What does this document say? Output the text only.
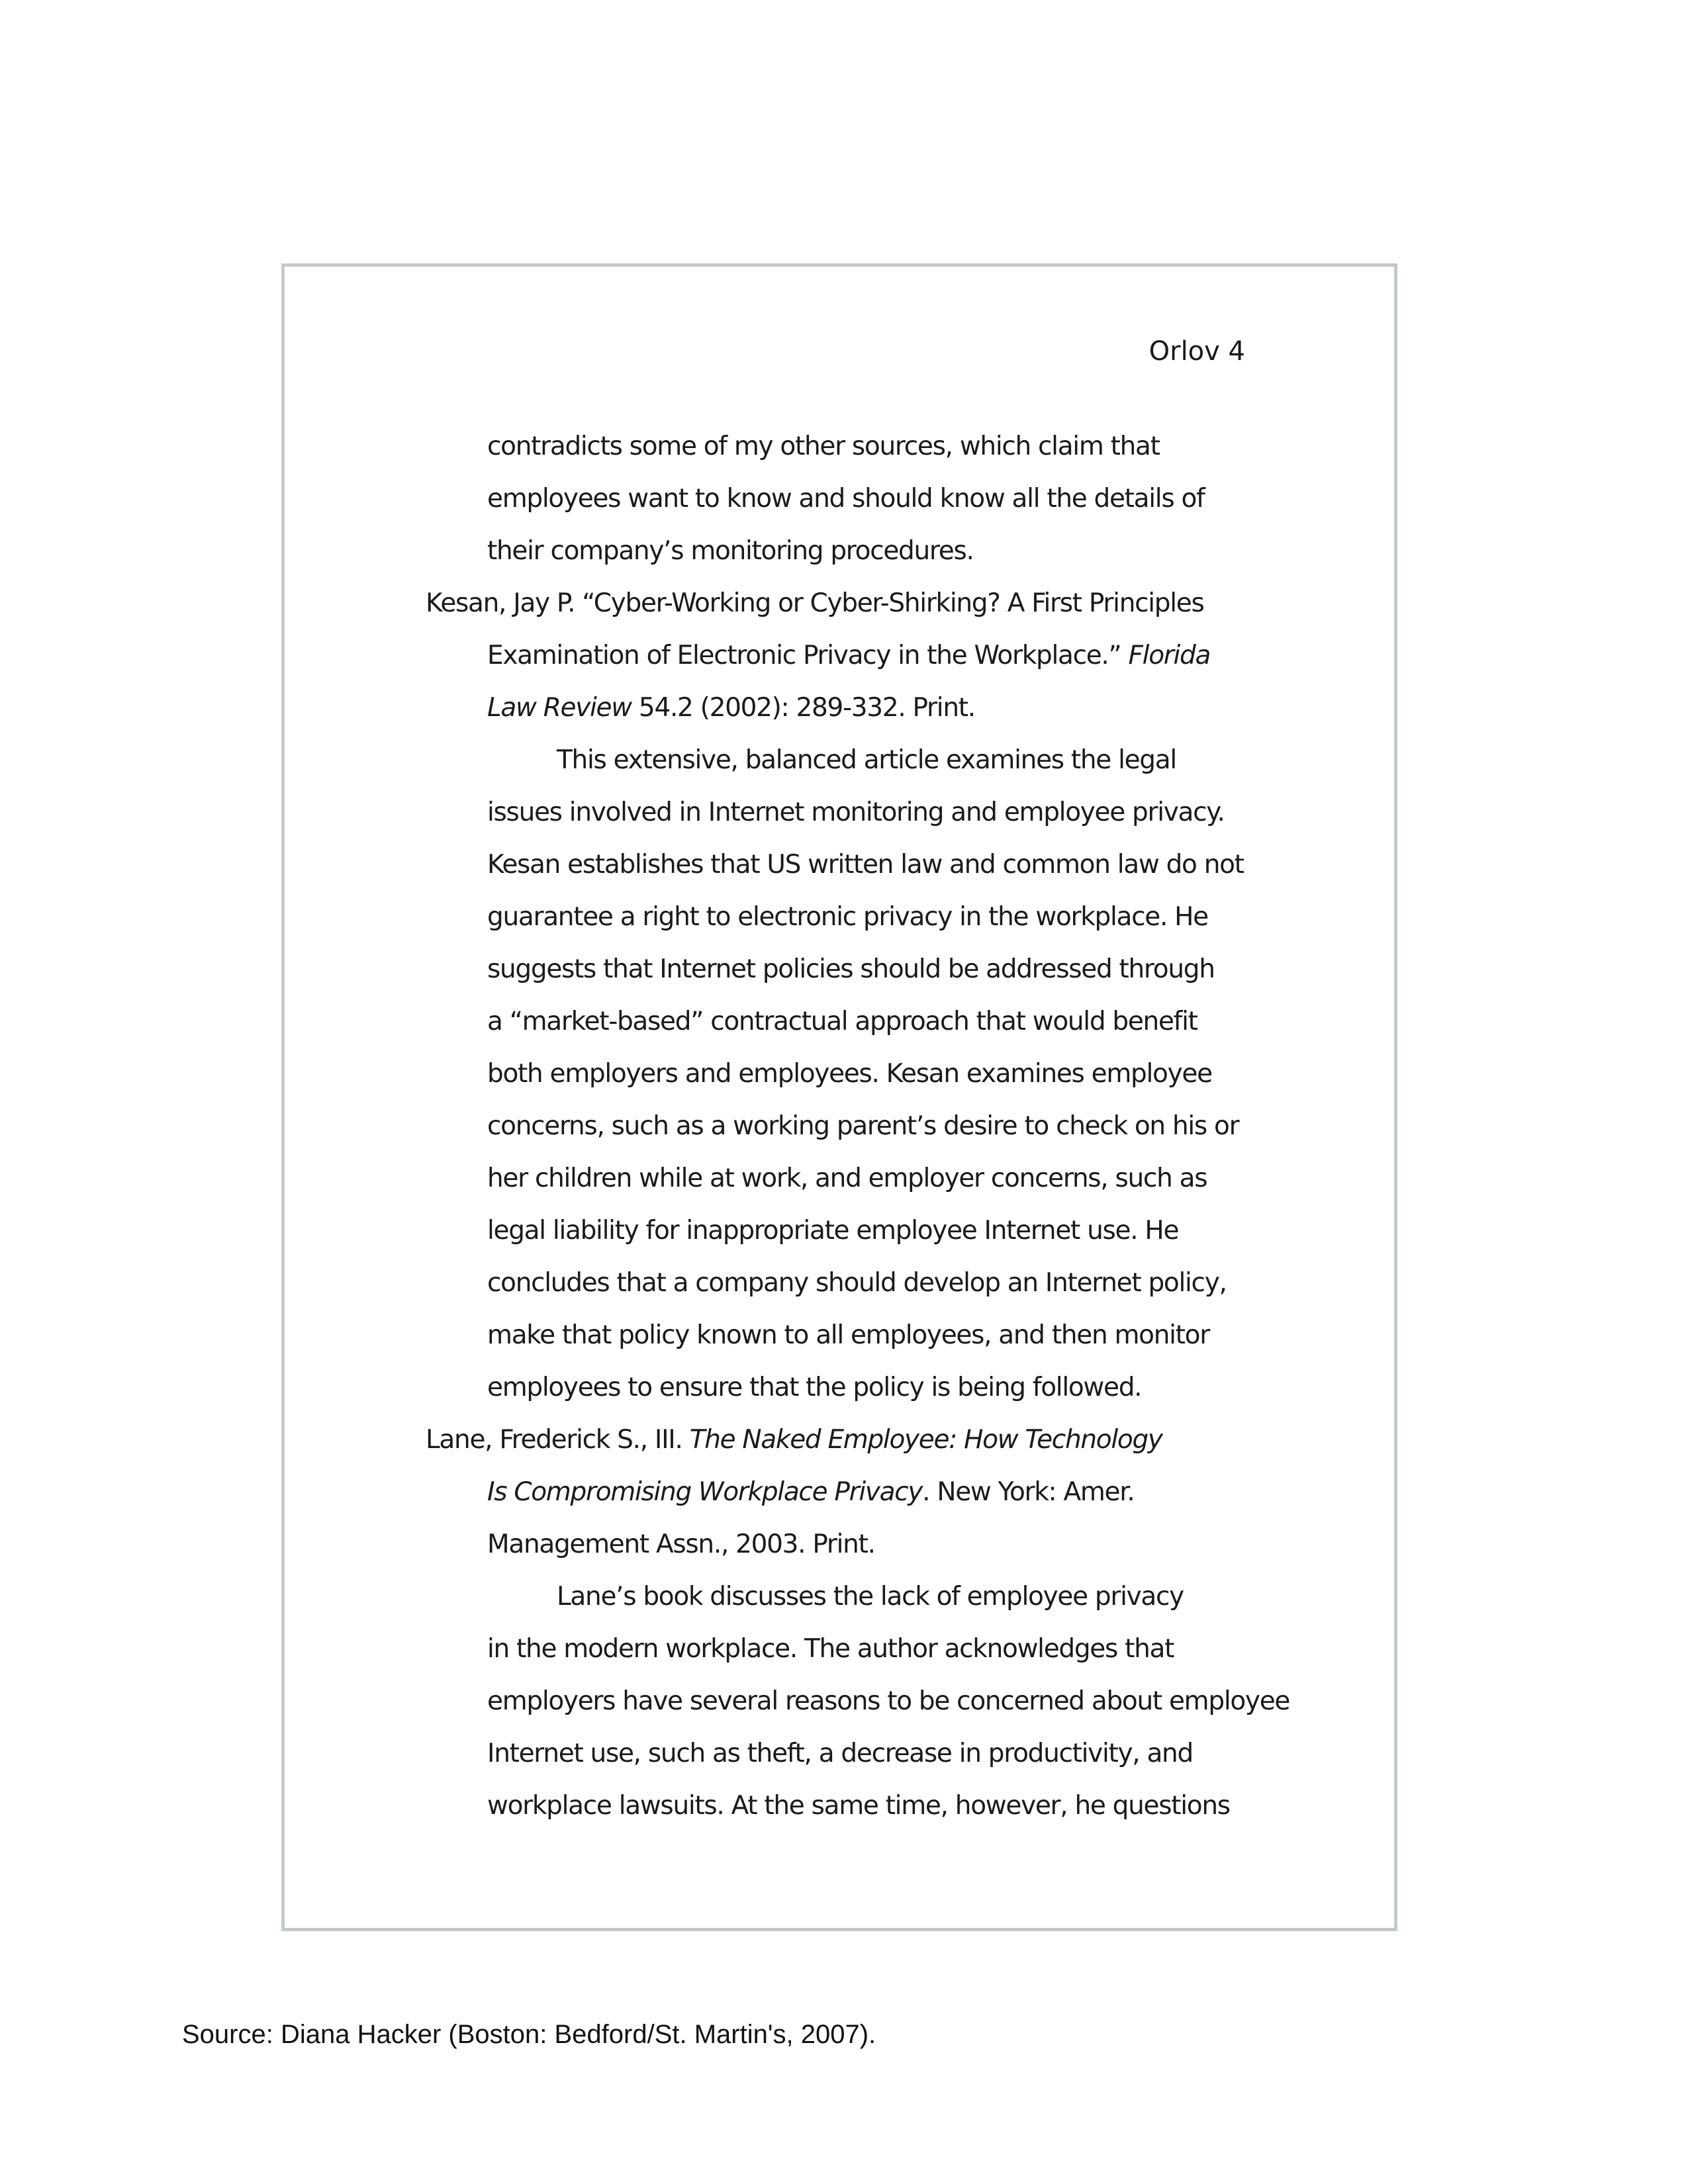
Orlov 4
contradicts some of my other sources, which claim that
employees want to know and should know all the details of
their company’s monitoring procedures.
Kesan, Jay P. “Cyber-Working or Cyber-Shirking? A First Principles
Examination of Electronic Privacy in the Workplace.” Florida
Law Review 54.2 (2002): 289-332. Print.
This extensive, balanced article examines the legal
issues involved in Internet monitoring and employee privacy.
Kesan establishes that US written law and common law do not
guarantee a right to electronic privacy in the workplace. He
suggests that Internet policies should be addressed through
a “market-based” contractual approach that would benefit
both employers and employees. Kesan examines employee
concerns, such as a working parent’s desire to check on his or
her children while at work, and employer concerns, such as
legal liability for inappropriate employee Internet use. He
concludes that a company should develop an Internet policy,
make that policy known to all employees, and then monitor
employees to ensure that the policy is being followed.
Lane, Frederick S., III. The Naked Employee: How Technology
Is Compromising Workplace Privacy. New York: Amer.
Management Assn., 2003. Print.
Lane’s book discusses the lack of employee privacy
in the modern workplace. The author acknowledges that
employers have several reasons to be concerned about employee
Internet use, such as theft, a decrease in productivity, and
workplace lawsuits. At the same time, however, he questions
Source: Diana Hacker (Boston: Bedford/St. Martin's, 2007).
